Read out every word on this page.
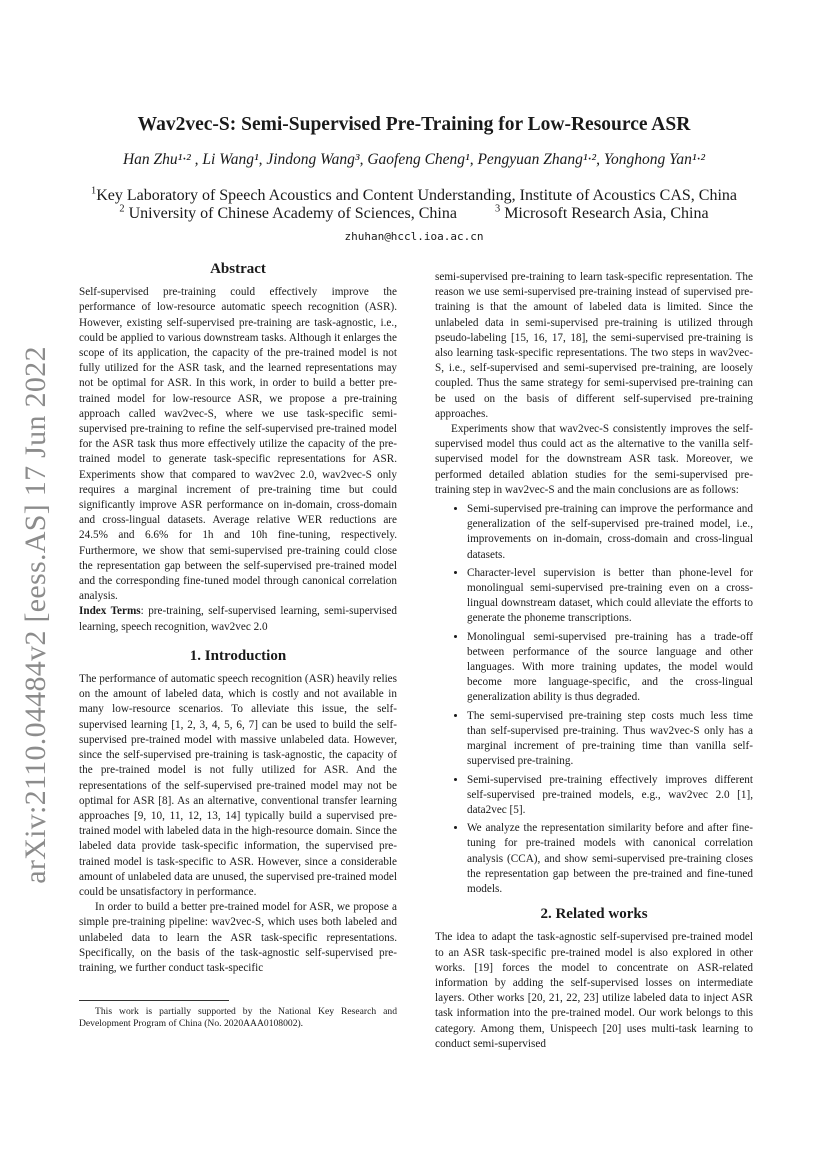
arXiv:2110.04484v2 [eess.AS] 17 Jun 2022
Wav2vec-S: Semi-Supervised Pre-Training for Low-Resource ASR
Han Zhu¹·² , Li Wang¹, Jindong Wang³, Gaofeng Cheng¹, Pengyuan Zhang¹·², Yonghong Yan¹·²
$^1$Key Laboratory of Speech Acoustics and Content Understanding, Institute of Acoustics CAS, China
$^2$ University of Chinese Academy of Sciences, China	$^3$ Microsoft Research Asia, China
zhuhan@hccl.ioa.ac.cn
Abstract

Self-supervised pre-training could effectively improve the performance of low-resource automatic speech recognition (ASR). However, existing self-supervised pre-training are task-agnostic, i.e., could be applied to various downstream tasks. Although it enlarges the scope of its application, the capacity of the pre-trained model is not fully utilized for the ASR task, and the learned representations may not be optimal for ASR. In this work, in order to build a better pre-trained model for low-resource ASR, we propose a pre-training approach called wav2vec-S, where we use task-specific semi-supervised pre-training to refine the self-supervised pre-trained model for the ASR task thus more effectively utilize the capacity of the pre-trained model to generate task-specific representations for ASR. Experiments show that compared to wav2vec 2.0, wav2vec-S only requires a marginal increment of pre-training time but could significantly improve ASR performance on in-domain, cross-domain and cross-lingual datasets. Average relative WER reductions are 24.5% and 6.6% for 1h and 10h fine-tuning, respectively. Furthermore, we show that semi-supervised pre-training could close the representation gap between the self-supervised pre-trained model and the corresponding fine-tuned model through canonical correlation analysis.

Index Terms: pre-training, self-supervised learning, semi-supervised learning, speech recognition, wav2vec 2.0

1. Introduction

The performance of automatic speech recognition (ASR) heavily relies on the amount of labeled data, which is costly and not available in many low-resource scenarios. To alleviate this issue, the self-supervised learning [1, 2, 3, 4, 5, 6, 7] can be used to build the self-supervised pre-trained model with massive unlabeled data. However, since the self-supervised pre-training is task-agnostic, the capacity of the pre-trained model is not fully utilized for ASR. And the representations of the self-supervised pre-trained model may not be optimal for ASR [8]. As an alternative, conventional transfer learning approaches [9, 10, 11, 12, 13, 14] typically build a supervised pre-trained model with labeled data in the high-resource domain. Since the labeled data provide task-specific information, the supervised pre-trained model is task-specific to ASR. However, since a considerable amount of unlabeled data are unused, the supervised pre-trained model could be unsatisfactory in performance.

In order to build a better pre-trained model for ASR, we propose a simple pre-training pipeline: wav2vec-S, which uses both labeled and unlabeled data to learn the ASR task-specific representations. Specifically, on the basis of the task-agnostic self-supervised pre-training, we further conduct task-specific

This work is partially supported by the National Key Research and Development Program of China (No. 2020AAA0108002).

semi-supervised pre-training to learn task-specific representation. The reason we use semi-supervised pre-training instead of supervised pre-training is that the amount of labeled data is limited. Since the unlabeled data in semi-supervised pre-training is utilized through pseudo-labeling [15, 16, 17, 18], the semi-supervised pre-training is also learning task-specific representations. The two steps in wav2vec-S, i.e., self-supervised and semi-supervised pre-training, are loosely coupled. Thus the same strategy for semi-supervised pre-training can be used on the basis of different self-supervised pre-training approaches.

Experiments show that wav2vec-S consistently improves the self-supervised model thus could act as the alternative to the vanilla self-supervised model for the downstream ASR task. Moreover, we performed detailed ablation studies for the semi-supervised pre-training step in wav2vec-S and the main conclusions are as follows:

• Semi-supervised pre-training can improve the performance and generalization of the self-supervised pre-trained model, i.e., improvements on in-domain, cross-domain and cross-lingual datasets.
• Character-level supervision is better than phone-level for monolingual semi-supervised pre-training even on a cross-lingual downstream dataset, which could alleviate the efforts to generate the phoneme transcriptions.
• Monolingual semi-supervised pre-training has a trade-off between performance of the source language and other languages. With more training updates, the model would become more language-specific, and the cross-lingual generalization ability is thus degraded.
• The semi-supervised pre-training step costs much less time than self-supervised pre-training. Thus wav2vec-S only has a marginal increment of pre-training time than vanilla self-supervised pre-training.
• Semi-supervised pre-training effectively improves different self-supervised pre-trained models, e.g., wav2vec 2.0 [1], data2vec [5].
• We analyze the representation similarity before and after fine-tuning for pre-trained models with canonical correlation analysis (CCA), and show semi-supervised pre-training closes the representation gap between the pre-trained and fine-tuned models.
2. Related works

The idea to adapt the task-agnostic self-supervised pre-trained model to an ASR task-specific pre-trained model is also explored in other works. [19] forces the model to concentrate on ASR-related information by adding the self-supervised losses on intermediate layers. Other works [20, 21, 22, 23] utilize labeled data to inject ASR task information into the pre-trained model. Our work belongs to this category. Among them, Unispeech [20] uses multi-task learning to conduct semi-supervised
